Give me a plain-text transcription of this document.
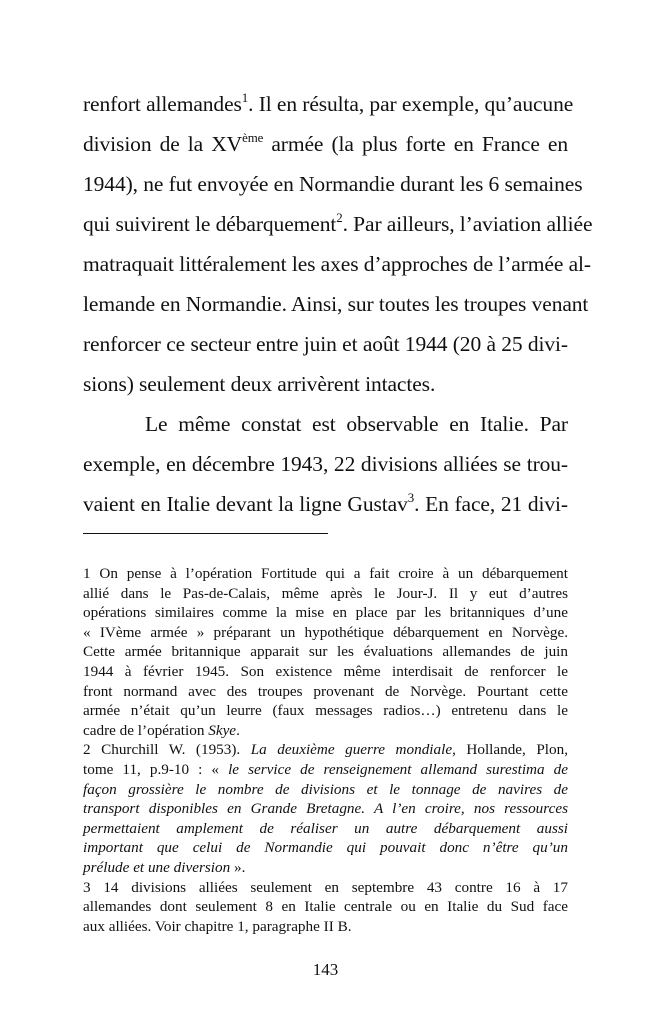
renfort allemandes$^1$. Il en résulta, par exemple, qu’aucune
division de la XVème armée (la plus forte en France en
1944), ne fut envoyée en Normandie durant les 6 semaines
qui suivirent le débarquement$^2$. Par ailleurs, l’aviation alliée
matraquait littéralement les axes d’approches de l’armée al-
lemande en Normandie. Ainsi, sur toutes les troupes venant
renforcer ce secteur entre juin et août 1944 (20 à 25 divi-
sions) seulement deux arrivèrent intactes.
Le même constat est observable en Italie. Par
exemple, en décembre 1943, 22 divisions alliées se trou-
vaient en Italie devant la ligne Gustav$^3$. En face, 21 divi-
1 On pense à l’opération Fortitude qui a fait croire à un débarquement
allié dans le Pas-de-Calais, même après le Jour-J. Il y eut d’autres
opérations similaires comme la mise en place par les britanniques d’une
« IVème armée » préparant un hypothétique débarquement en Norvège.
Cette armée britannique apparait sur les évaluations allemandes de juin
1944 à février 1945. Son existence même interdisait de renforcer le
front normand avec des troupes provenant de Norvège. Pourtant cette
armée n’était qu’un leurre (faux messages radios…) entretenu dans le
cadre de l’opération Skye.
2 Churchill W. (1953). La deuxième guerre mondiale, Hollande, Plon,
tome 11, p.9-10 : « le service de renseignement allemand surestima de
façon grossière le nombre de divisions et le tonnage de navires de
transport disponibles en Grande Bretagne. A l’en croire, nos ressources
permettaient amplement de réaliser un autre débarquement aussi
important que celui de Normandie qui pouvait donc n’être qu’un
prélude et une diversion ».
3 14 divisions alliées seulement en septembre 43 contre 16 à 17
allemandes dont seulement 8 en Italie centrale ou en Italie du Sud face
aux alliées. Voir chapitre 1, paragraphe II B.
143
